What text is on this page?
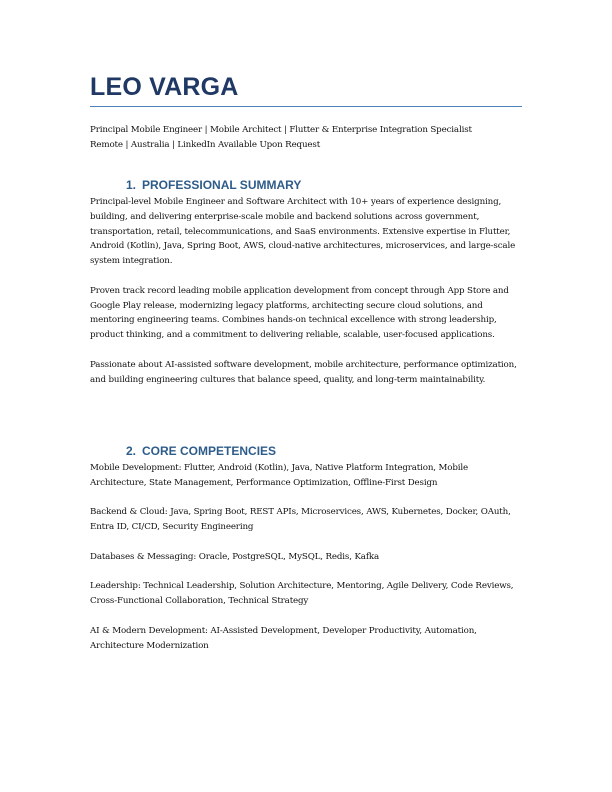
LEO VARGA
Principal Mobile Engineer | Mobile Architect | Flutter & Enterprise Integration Specialist
Remote | Australia | LinkedIn Available Upon Request
1. PROFESSIONAL SUMMARY

Principal-level Mobile Engineer and Software Architect with 10+ years of experience designing, building, and delivering enterprise-scale mobile and backend solutions across government, transportation, retail, telecommunications, and SaaS environments. Extensive expertise in Flutter, Android (Kotlin), Java, Spring Boot, AWS, cloud-native architectures, microservices, and large-scale system integration.

Proven track record leading mobile application development from concept through App Store and Google Play release, modernizing legacy platforms, architecting secure cloud solutions, and mentoring engineering teams. Combines hands-on technical excellence with strong leadership, product thinking, and a commitment to delivering reliable, scalable, user-focused applications.

Passionate about AI-assisted software development, mobile architecture, performance optimization, and building engineering cultures that balance speed, quality, and long-term maintainability.

2. CORE COMPETENCIES

Mobile Development: Flutter, Android (Kotlin), Java, Native Platform Integration, Mobile Architecture, State Management, Performance Optimization, Offline-First Design

Backend & Cloud: Java, Spring Boot, REST APIs, Microservices, AWS, Kubernetes, Docker, OAuth, Entra ID, CI/CD, Security Engineering

Databases & Messaging: Oracle, PostgreSQL, MySQL, Redis, Kafka

Leadership: Technical Leadership, Solution Architecture, Mentoring, Agile Delivery, Code Reviews, Cross-Functional Collaboration, Technical Strategy

AI & Modern Development: AI-Assisted Development, Developer Productivity, Automation, Architecture Modernization
